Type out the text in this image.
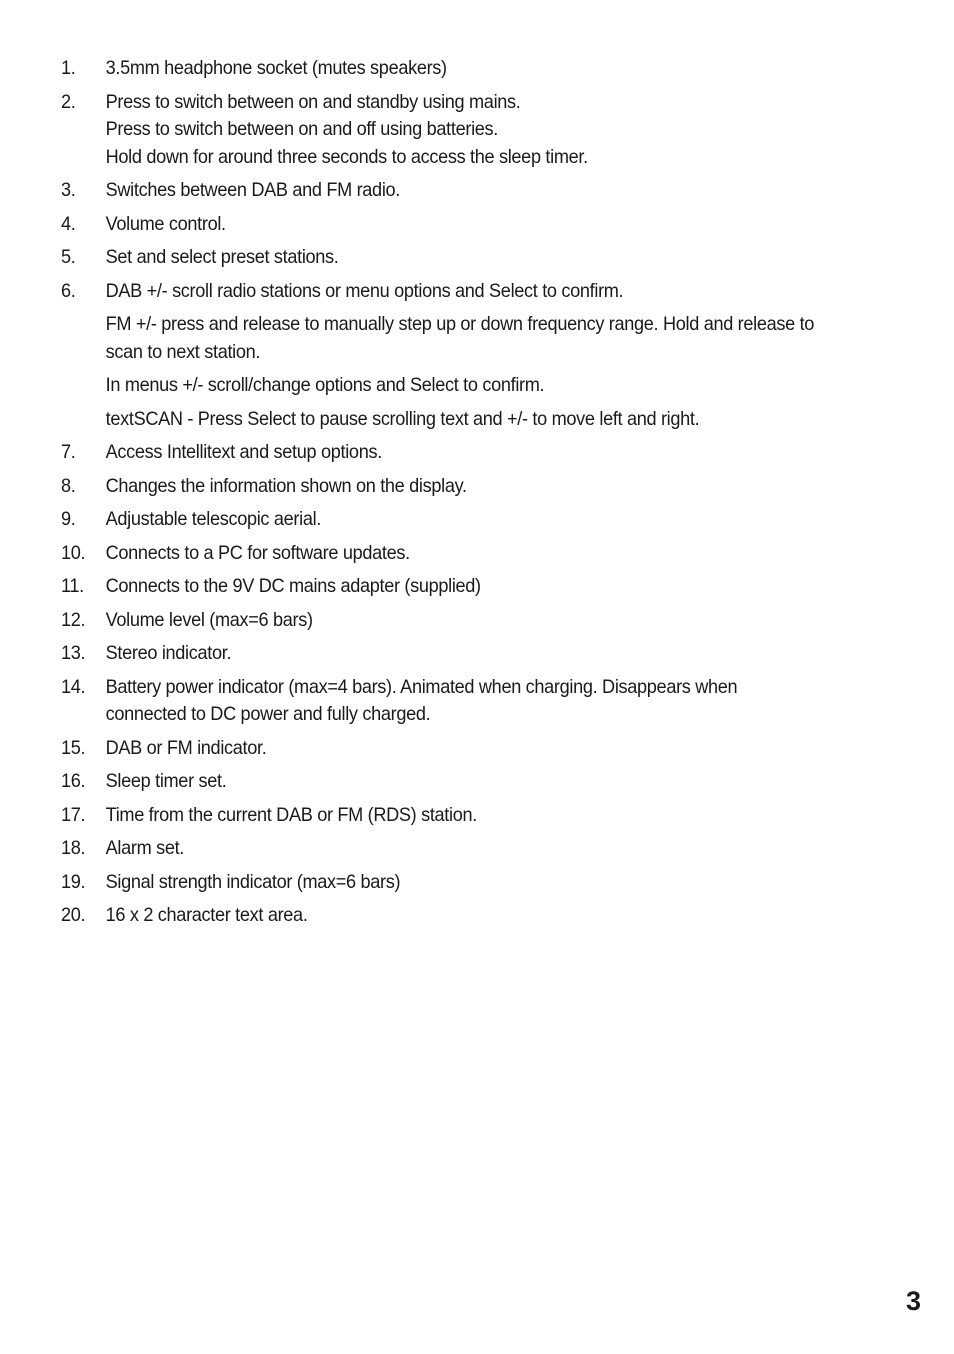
1.	3.5mm headphone socket (mutes speakers)
2.	Press to switch between on and standby using mains.
Press to switch between on and off using batteries.
Hold down for around three seconds to access the sleep timer.
3.	Switches between DAB and FM radio.
4.	Volume control.
5.	Set and select preset stations.
6.	DAB +/- scroll radio stations or menu options and Select to confirm.
FM +/- press and release to manually step up or down frequency range. Hold and release to
scan to next station.
In menus +/- scroll/change options and Select to confirm.
textSCAN - Press Select to pause scrolling text and +/- to move left and right.
7.	Access Intellitext and setup options.
8.	Changes the information shown on the display.
9.	Adjustable telescopic aerial.
10.	Connects to a PC for software updates.
11.	Connects to the 9V DC mains adapter (supplied)
12.	Volume level (max=6 bars)
13.	Stereo indicator.
14.	Battery power indicator (max=4 bars). Animated when charging. Disappears when
connected to DC power and fully charged.
15.	DAB or FM indicator.
16.	Sleep timer set.
17.	Time from the current DAB or FM (RDS) station.
18.	Alarm set.
19.	Signal strength indicator (max=6 bars)
20.	16 x 2 character text area.
3
